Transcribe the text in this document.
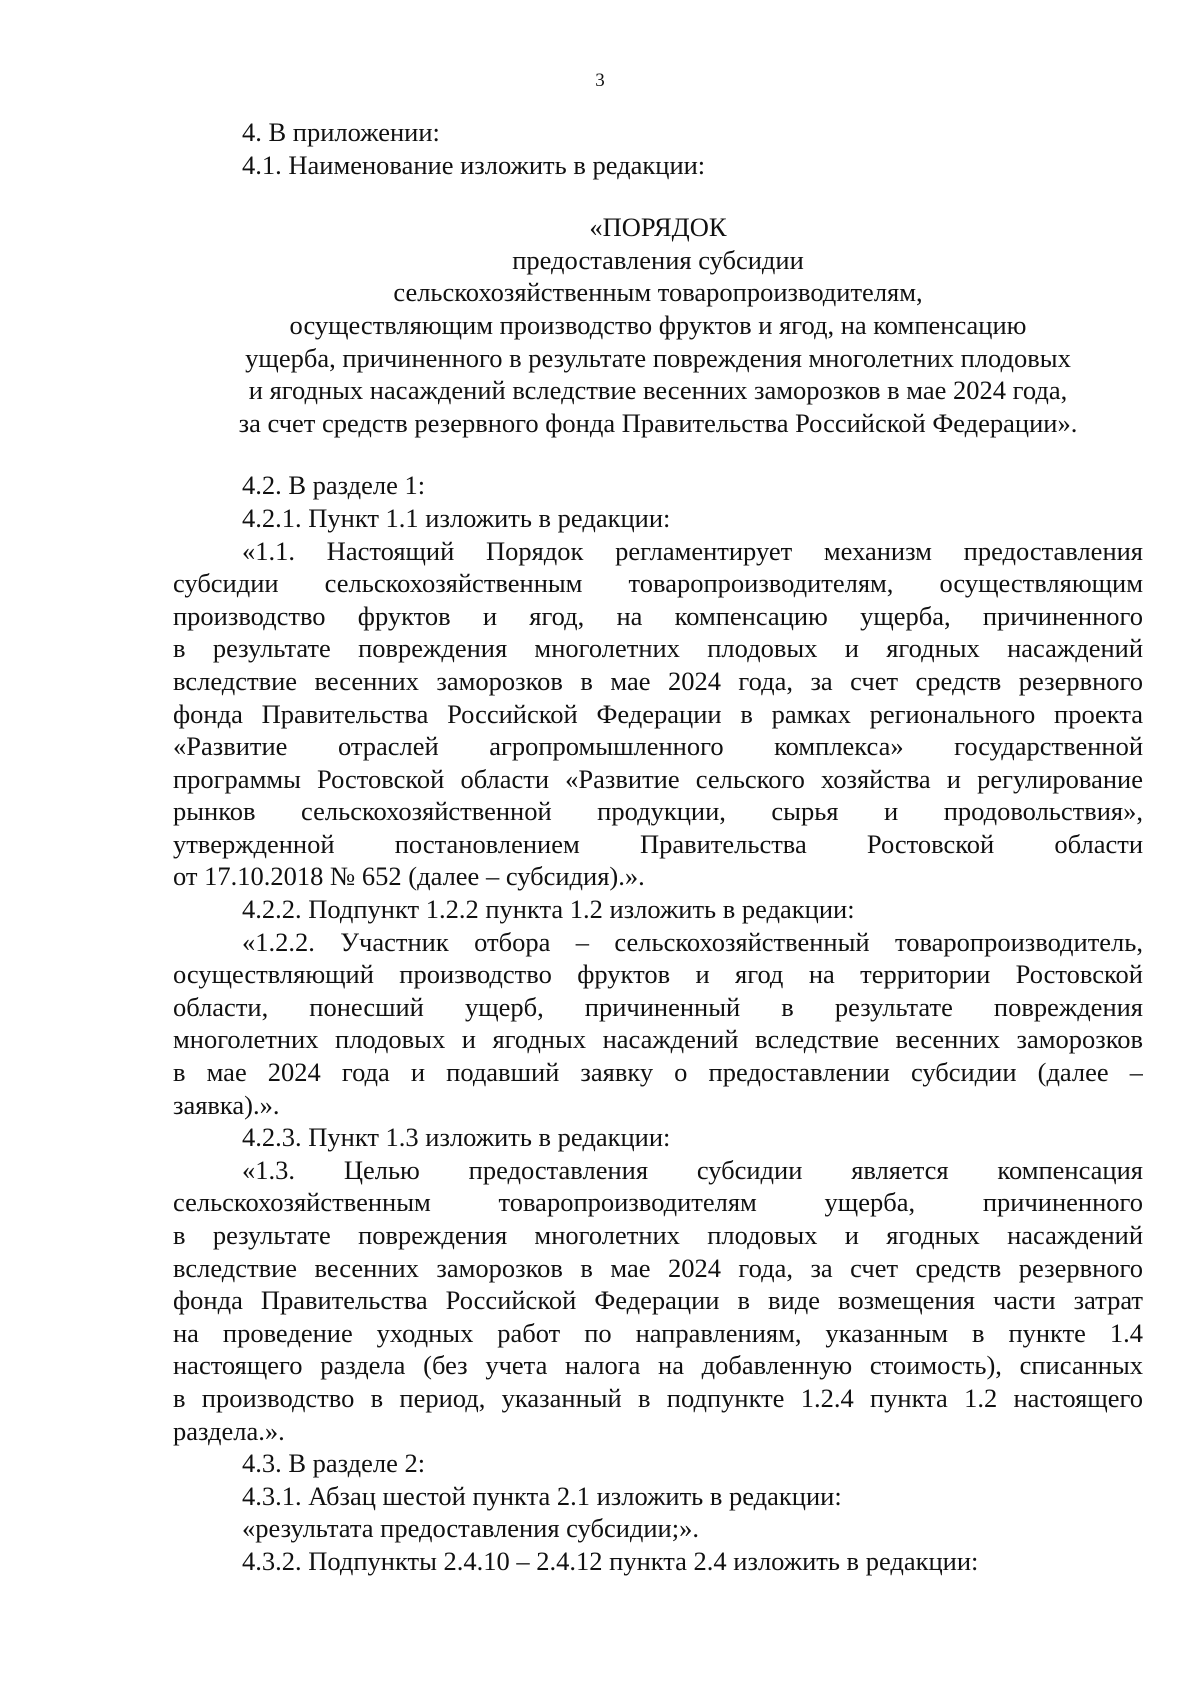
3
4. В приложении:
4.1. Наименование изложить в редакции:
«ПОРЯДОК
предоставления субсидии
сельскохозяйственным товаропроизводителям,
осуществляющим производство фруктов и ягод, на компенсацию
ущерба, причиненного в результате повреждения многолетних плодовых
и ягодных насаждений вследствие весенних заморозков в мае 2024 года,
за счет средств резервного фонда Правительства Российской Федерации».
4.2. В разделе 1:
4.2.1. Пункт 1.1 изложить в редакции:
«1.1. Настоящий Порядок регламентирует механизм предоставления
субсидии сельскохозяйственным товаропроизводителям, осуществляющим
производство фруктов и ягод, на компенсацию ущерба, причиненного
в результате повреждения многолетних плодовых и ягодных насаждений
вследствие весенних заморозков в мае 2024 года, за счет средств резервного
фонда Правительства Российской Федерации в рамках регионального проекта
«Развитие отраслей агропромышленного комплекса» государственной
программы Ростовской области «Развитие сельского хозяйства и регулирование
рынков сельскохозяйственной продукции, сырья и продовольствия»,
утвержденной постановлением Правительства Ростовской области
от 17.10.2018 № 652 (далее – субсидия).».
4.2.2. Подпункт 1.2.2 пункта 1.2 изложить в редакции:
«1.2.2. Участник отбора – сельскохозяйственный товаропроизводитель,
осуществляющий производство фруктов и ягод на территории Ростовской
области, понесший ущерб, причиненный в результате повреждения
многолетних плодовых и ягодных насаждений вследствие весенних заморозков
в мае 2024 года и подавший заявку о предоставлении субсидии (далее –
заявка).».
4.2.3. Пункт 1.3 изложить в редакции:
«1.3. Целью предоставления субсидии является компенсация
сельскохозяйственным товаропроизводителям ущерба, причиненного
в результате повреждения многолетних плодовых и ягодных насаждений
вследствие весенних заморозков в мае 2024 года, за счет средств резервного
фонда Правительства Российской Федерации в виде возмещения части затрат
на проведение уходных работ по направлениям, указанным в пункте 1.4
настоящего раздела (без учета налога на добавленную стоимость), списанных
в производство в период, указанный в подпункте 1.2.4 пункта 1.2 настоящего
раздела.».
4.3. В разделе 2:
4.3.1. Абзац шестой пункта 2.1 изложить в редакции:
«результата предоставления субсидии;».
4.3.2. Подпункты 2.4.10 – 2.4.12 пункта 2.4 изложить в редакции:
